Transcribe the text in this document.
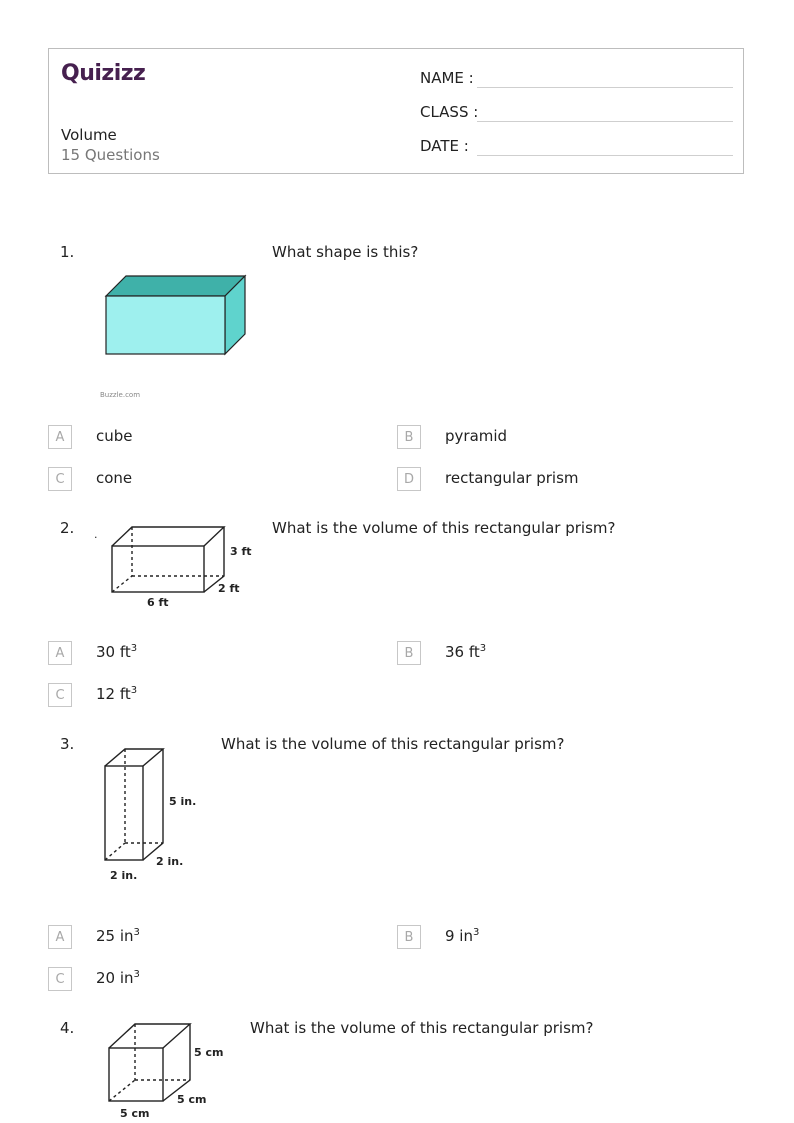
Quizizz
Volume
15 Questions
NAME :
CLASS :
DATE :
1.	What shape is this?
Buzzle.com
A	cube	B	pyramid
C	cone	D	rectangular prism
2.	What is the volume of this rectangular prism?
.
3 ft
2 ft
6 ft
A	30 $ft^3$	B	36 $ft^3$
C	12 $ft^3$
3.	What is the volume of this rectangular prism?
5 in.
2 in.
2 in.
A	25 $in^3$	B	9 $in^3$
C	20 $in^3$
4.	What is the volume of this rectangular prism?
5 cm
5 cm
5 cm
